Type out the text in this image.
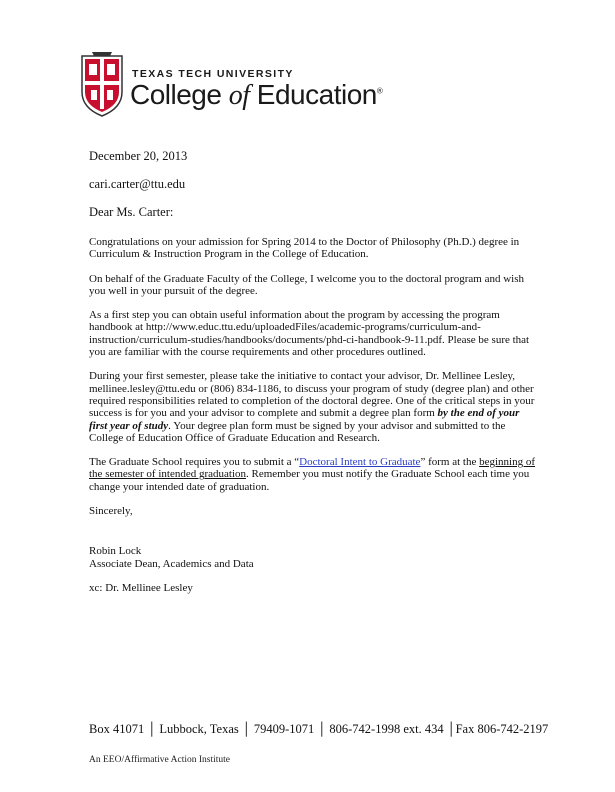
TEXAS TECH UNIVERSITY

College of Education®

December 20, 2013

cari.carter@ttu.edu

Dear Ms. Carter:

Congratulations on your admission for Spring 2014 to the Doctor of Philosophy (Ph.D.) degree in Curriculum & Instruction Program in the College of Education.

On behalf of the Graduate Faculty of the College, I welcome you to the doctoral program and wish you well in your pursuit of the degree.

As a first step you can obtain useful information about the program by accessing the program handbook at http://www.educ.ttu.edu/uploadedFiles/academic-programs/curriculum-and-instruction/curriculum-studies/handbooks/documents/phd-ci-handbook-9-11.pdf. Please be sure that you are familiar with the course requirements and other procedures outlined.

During your first semester, please take the initiative to contact your advisor, Dr. Mellinee Lesley, mellinee.lesley@ttu.edu or (806) 834-1186, to discuss your program of study (degree plan) and other required responsibilities related to completion of the doctoral degree. One of the critical steps in your success is for you and your advisor to complete and submit a degree plan form by the end of your first year of study. Your degree plan form must be signed by your advisor and submitted to the College of Education Office of Graduate Education and Research.

The Graduate School requires you to submit a “Doctoral Intent to Graduate” form at the beginning of the semester of intended graduation. Remember you must notify the Graduate School each time you change your intended date of graduation.

Sincerely,

Robin Lock

Associate Dean, Academics and Data

xc: Dr. Mellinee Lesley

Box 41071 │ Lubbock, Texas │ 79409-1071 │ 806-742-1998 ext. 434 │Fax 806-742-2197
An EEO/Affirmative Action Institute
